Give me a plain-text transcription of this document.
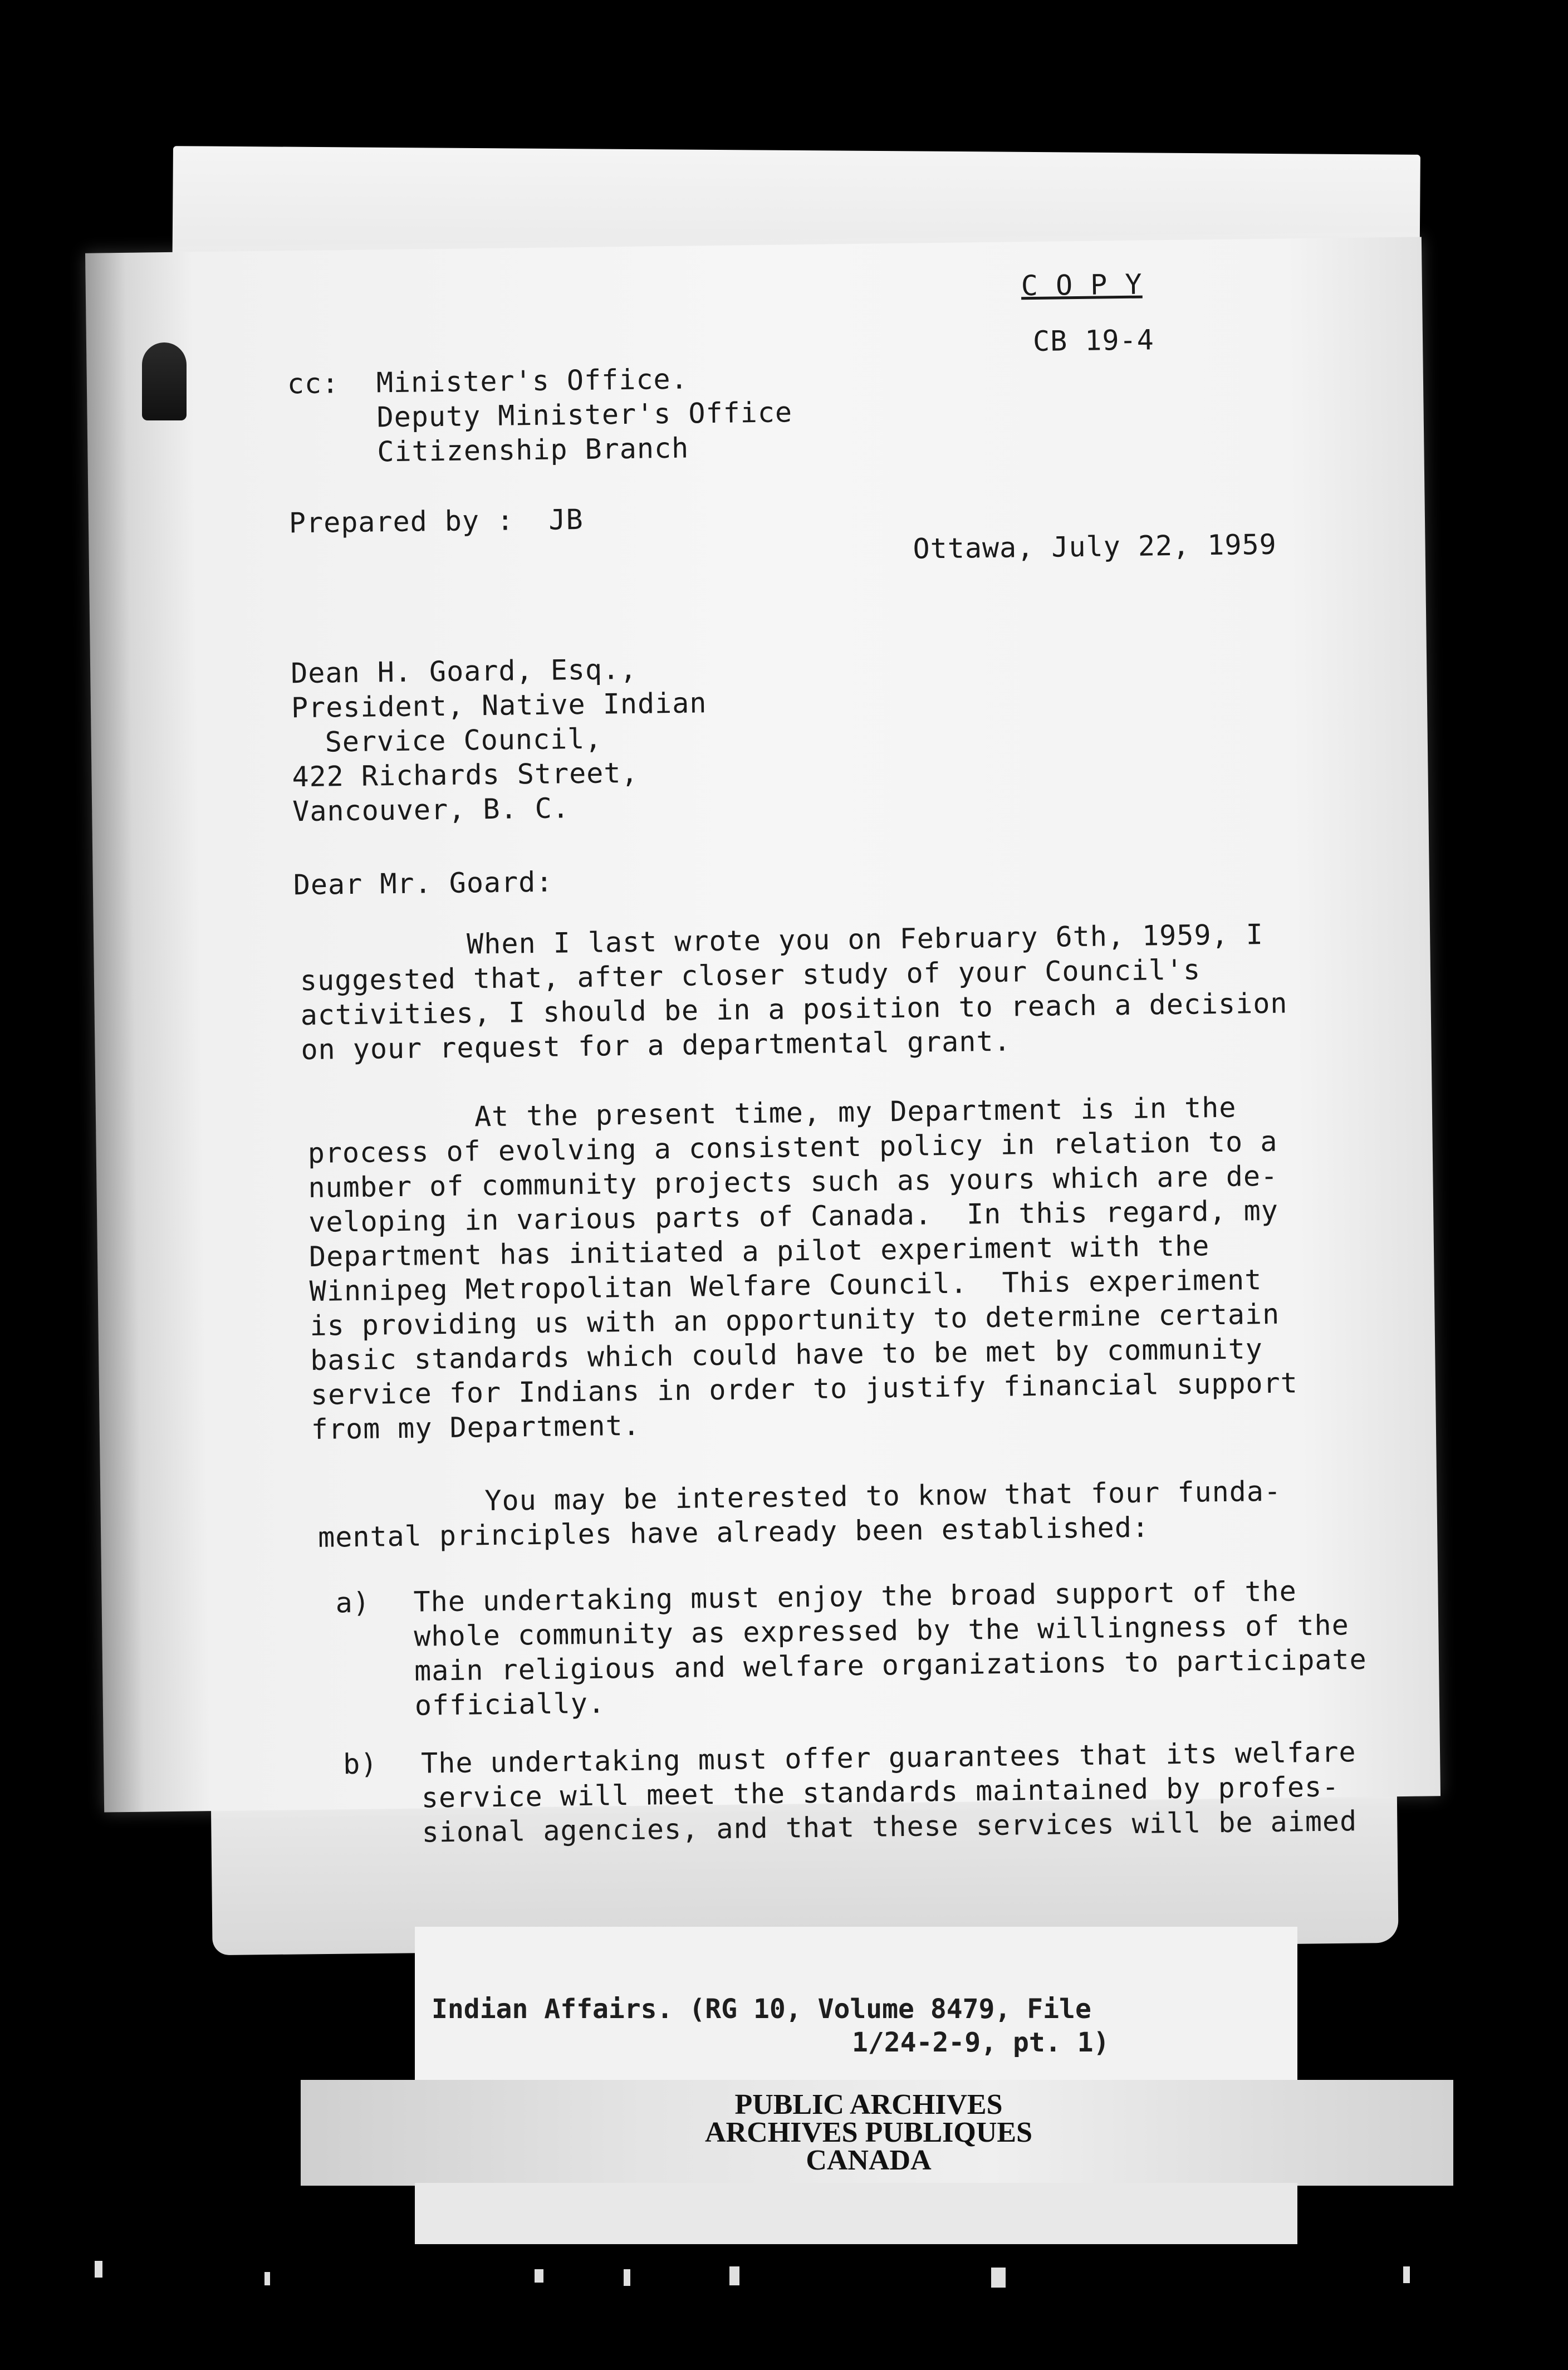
C O P Y
CB 19-4
cc: Minister's Office.
Deputy Minister's Office
Citizenship Branch
Prepared by :  JB
Ottawa, July 22, 1959
Dean H. Goard, Esq.,
President, Native Indian
Service Council,
422 Richards Street,
Vancouver, B. C.
Dear Mr. Goard:
When I last wrote you on February 6th, 1959, I
suggested that, after closer study of your Council's
activities, I should be in a position to reach a decision
on your request for a departmental grant.
At the present time, my Department is in the
process of evolving a consistent policy in relation to a
number of community projects such as yours which are de-
veloping in various parts of Canada.  In this regard, my
Department has initiated a pilot experiment with the
Winnipeg Metropolitan Welfare Council.  This experiment
is providing us with an opportunity to determine certain
basic standards which could have to be met by community
service for Indians in order to justify financial support
from my Department.
You may be interested to know that four funda-
mental principles have already been established:
a) The undertaking must enjoy the broad support of the
whole community as expressed by the willingness of the
main religious and welfare organizations to participate
officially.
b) The undertaking must offer guarantees that its welfare
service will meet the standards maintained by profes-
sional agencies, and that these services will be aimed
Indian Affairs. (RG 10, Volume 8479, File
1/24-2-9, pt. 1)
PUBLIC ARCHIVES
ARCHIVES PUBLIQUES
CANADA
